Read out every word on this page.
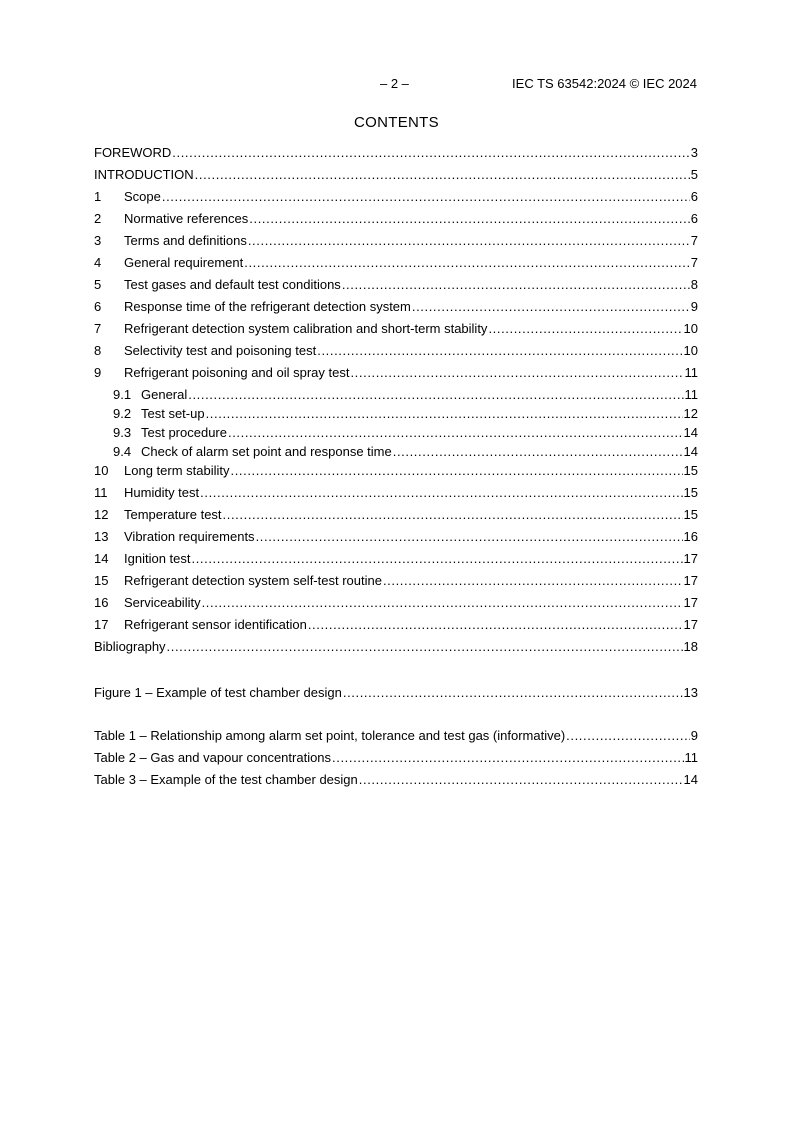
– 2 –	IEC TS 63542:2024 © IEC 2024
CONTENTS
FOREWORD .....	3
INTRODUCTION .....	5
1	Scope .....	6
2	Normative references .....	6
3	Terms and definitions .....	7
4	General requirement .....	7
5	Test gases and default test conditions .....	8
6	Response time of the refrigerant detection system .....	9
7	Refrigerant detection system calibration and short-term stability .....	10
8	Selectivity test and poisoning test .....	10
9	Refrigerant poisoning and oil spray test .....	11
9.1 General .....	11
9.2 Test set-up .....	12
9.3 Test procedure .....	14
9.4 Check of alarm set point and response time .....	14
10	Long term stability .....	15
11	Humidity test .....	15
12	Temperature test .....	15
13	Vibration requirements .....	16
14	Ignition test .....	17
15	Refrigerant detection system self-test routine .....	17
16	Serviceability .....	17
17	Refrigerant sensor identification .....	17
Bibliography .....	18
Figure 1 – Example of test chamber design .....	13
Table 1 – Relationship among alarm set point, tolerance and test gas (informative) .....	9
Table 2 – Gas and vapour concentrations .....	11
Table 3 – Example of the test chamber design .....	14
